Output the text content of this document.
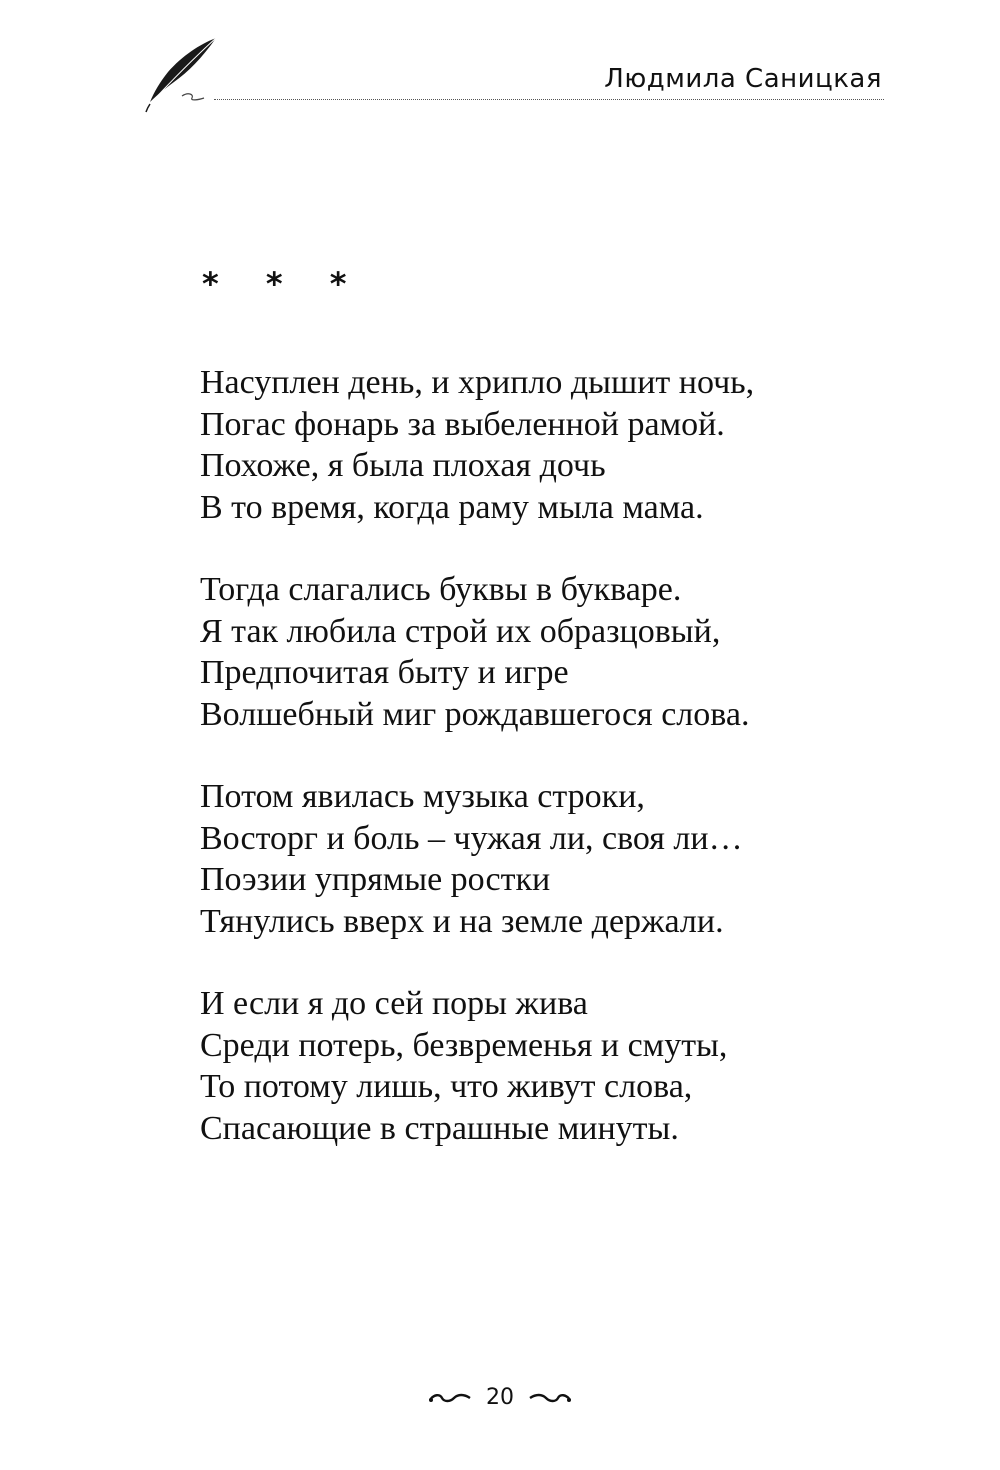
Людмила Саницкая
* * *
Насуплен день, и хрипло дышит ночь,
Погас фонарь за выбеленной рамой.
Похоже, я была плохая дочь
В то время, когда раму мыла мама.
Тогда слагались буквы в букваре.
Я так любила строй их образцовый,
Предпочитая быту и игре
Волшебный миг рождавшегося слова.
Потом явилась музыка строки,
Восторг и боль – чужая ли, своя ли…
Поэзии упрямые ростки
Тянулись вверх и на земле держали.
И если я до сей поры жива
Среди потерь, безвременья и смуты,
То потому лишь, что живут слова,
Спасающие в страшные минуты.
20
